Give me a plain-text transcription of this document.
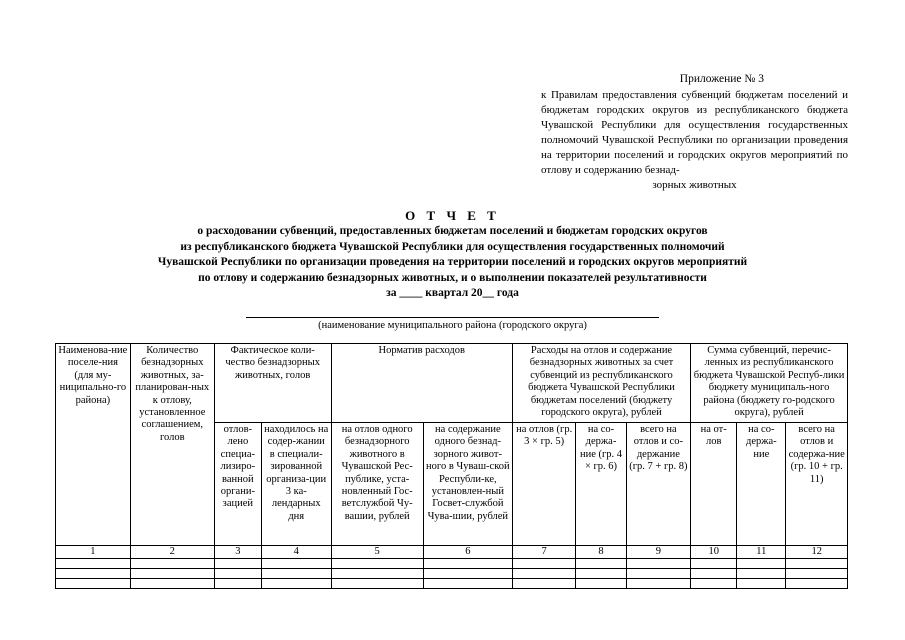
Приложение № 3
к Правилам предоставления субвенций бюджетам поселений и бюджетам городских округов из республиканского бюджета Чувашской Республики для осуществления государственных полномочий Чувашской Республики по организации проведения на территории поселений и городских округов мероприятий по отлову и содержанию безнад-
зорных животных
О Т Ч Е Т
о расходовании субвенций, предоставленных бюджетам поселений и бюджетам городских округов
из республиканского бюджета Чувашской Республики для осуществления государственных полномочий
Чувашской Республики по организации проведения на территории поселений и городских округов мероприятий
по отлову и содержанию безнадзорных животных, и о выполнении показателей результативности
за ____ квартал 20__ года
(наименование муниципального района (городского округа)
Наименова-ние поселе-ния (для му-ниципально-го района)	Количество безнадзорных животных, за-планирован-ных к отлову, установленное соглашением, голов	Фактическое коли-чество безнадзорных животных, голов		Норматив расходов		Расходы на отлов и содержание безнадзорных животных за счет субвенций из республиканского бюджета Чувашской Республики бюджетам поселений (бюджету городского округа), рублей			Сумма субвенций, перечис-ленных из республиканского бюджета Чувашской Респуб-лики бюджету муниципаль-ного района (бюджету го-родского округа), рублей		
		отлов-лено специа-лизиро-ванной органи-зацией	находилось на содер-жании в специали-зированной организа-ции 3 ка-лендарных дня	на отлов одного безнадзорного животного в Чувашской Рес-публике, уста-новленный Гос-ветслужбой Чу-вашии, рублей	на содержание одного безнад-зорного живот-ного в Чуваш-ской Республи-ке, установлен-ный Госвет-службой Чува-шии, рублей	на отлов (гр. 3 × гр. 5)	на со-держа-ние (гр. 4 × гр. 6)	всего на отлов и со-держание (гр. 7 + гр. 8)	на от-лов	на со-держа-ние	всего на отлов и содержа-ние (гр. 10 + гр. 11)
1	2	3	4	5	6	7	8	9	10	11	12
